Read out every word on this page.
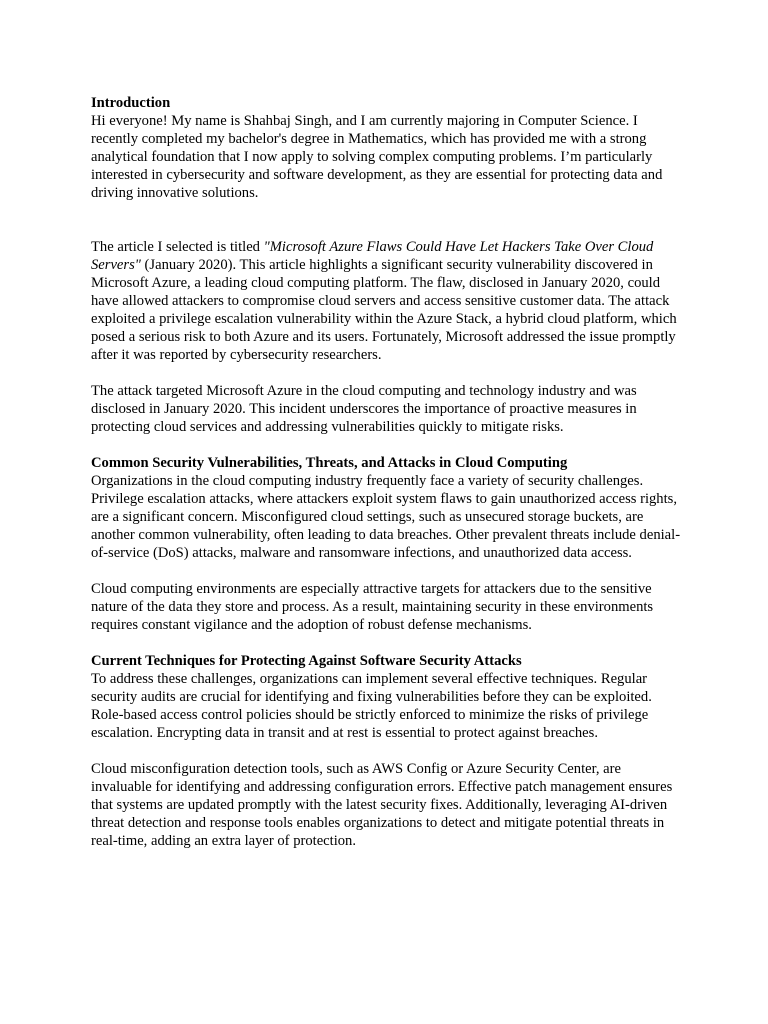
Introduction
Hi everyone! My name is Shahbaj Singh, and I am currently majoring in Computer Science. I recently completed my bachelor's degree in Mathematics, which has provided me with a strong analytical foundation that I now apply to solving complex computing problems. I’m particularly interested in cybersecurity and software development, as they are essential for protecting data and driving innovative solutions.

The article I selected is titled "Microsoft Azure Flaws Could Have Let Hackers Take Over Cloud Servers" (January 2020). This article highlights a significant security vulnerability discovered in Microsoft Azure, a leading cloud computing platform. The flaw, disclosed in January 2020, could have allowed attackers to compromise cloud servers and access sensitive customer data. The attack exploited a privilege escalation vulnerability within the Azure Stack, a hybrid cloud platform, which posed a serious risk to both Azure and its users. Fortunately, Microsoft addressed the issue promptly after it was reported by cybersecurity researchers.

The attack targeted Microsoft Azure in the cloud computing and technology industry and was disclosed in January 2020. This incident underscores the importance of proactive measures in protecting cloud services and addressing vulnerabilities quickly to mitigate risks.

Common Security Vulnerabilities, Threats, and Attacks in Cloud Computing
Organizations in the cloud computing industry frequently face a variety of security challenges. Privilege escalation attacks, where attackers exploit system flaws to gain unauthorized access rights, are a significant concern. Misconfigured cloud settings, such as unsecured storage buckets, are another common vulnerability, often leading to data breaches. Other prevalent threats include denial-of-service (DoS) attacks, malware and ransomware infections, and unauthorized data access.

Cloud computing environments are especially attractive targets for attackers due to the sensitive nature of the data they store and process. As a result, maintaining security in these environments requires constant vigilance and the adoption of robust defense mechanisms.

Current Techniques for Protecting Against Software Security Attacks
To address these challenges, organizations can implement several effective techniques. Regular security audits are crucial for identifying and fixing vulnerabilities before they can be exploited. Role-based access control policies should be strictly enforced to minimize the risks of privilege escalation. Encrypting data in transit and at rest is essential to protect against breaches.

Cloud misconfiguration detection tools, such as AWS Config or Azure Security Center, are invaluable for identifying and addressing configuration errors. Effective patch management ensures that systems are updated promptly with the latest security fixes. Additionally, leveraging AI-driven threat detection and response tools enables organizations to detect and mitigate potential threats in real-time, adding an extra layer of protection.
